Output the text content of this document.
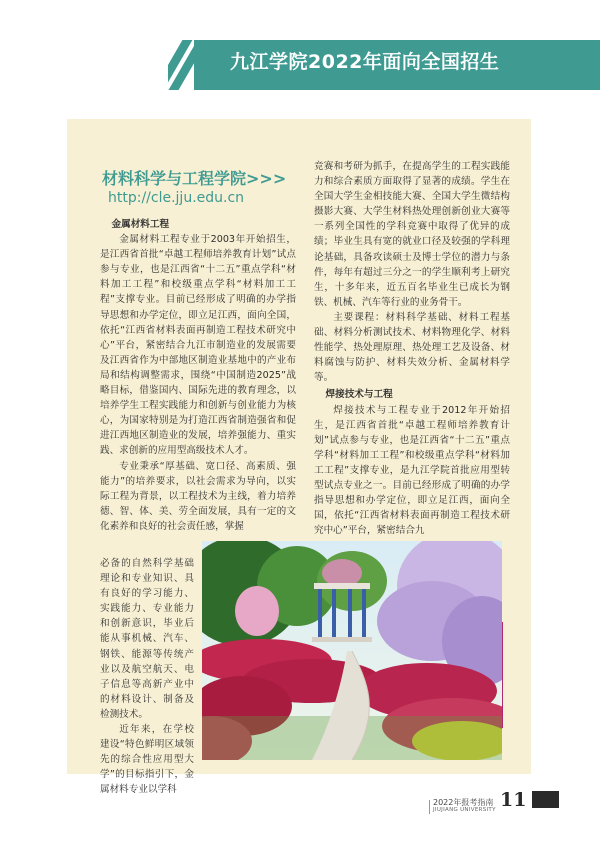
九江学院2022年面向全国招生
材料科学与工程学院>>>
http://cle.jju.edu.cn
金属材料工程

金属材料工程专业于2003年开始招生，是江西省首批“卓越工程师培养教育计划”试点参与专业，也是江西省“十二五”重点学科“材料加工工程”和校级重点学科“材料加工工程”支撑专业。目前已经形成了明确的办学指导思想和办学定位，即立足江西，面向全国，依托“江西省材料表面再制造工程技术研究中心”平台，紧密结合九江市制造业的发展需要及江西省作为中部地区制造业基地中的产业布局和结构调整需求，围绕“中国制造2025”战略目标，借鉴国内、国际先进的教育理念，以培养学生工程实践能力和创新与创业能力为核心，为国家特别是为打造江西省制造强省和促进江西地区制造业的发展，培养强能力、重实践、求创新的应用型高级技术人才。

专业秉承“厚基础、宽口径、高素质、强能力”的培养要求，以社会需求为导向，以实际工程为背景，以工程技术为主线，着力培养德、智、体、美、劳全面发展，具有一定的文化素养和良好的社会责任感，掌握

必备的自然科学基础理论和专业知识、具有良好的学习能力、实践能力、专业能力和创新意识，毕业后能从事机械、汽车、钢铁、能源等传统产业以及航空航天、电子信息等高新产业中的材料设计、制备及检测技术。

近年来，在学校建设“特色鲜明区域领先的综合性应用型大学”的目标指引下，金属材料专业以学科

竞赛和考研为抓手，在提高学生的工程实践能力和综合素质方面取得了显著的成绩。学生在全国大学生金相技能大赛、全国大学生微结构摄影大赛、大学生材料热处理创新创业大赛等一系列全国性的学科竞赛中取得了优异的成绩；毕业生具有宽的就业口径及较强的学科理论基础，具备攻读硕士及博士学位的潜力与条件，每年有超过三分之一的学生顺利考上研究生，十多年来，近五百名毕业生已成长为钢铁、机械、汽车等行业的业务骨干。

主要课程：材料科学基础、材料工程基础、材料分析测试技术、材料物理化学、材料性能学、热处理原理、热处理工艺及设备、材料腐蚀与防护、材料失效分析、金属材料学等。

焊接技术与工程

焊接技术与工程专业于2012年开始招生，是江西省首批“卓越工程师培养教育计划”试点参与专业，也是江西省“十二五”重点学科“材料加工工程”和校级重点学科“材料加工工程”支撑专业，是九江学院首批应用型转型试点专业之一。目前已经形成了明确的办学指导思想和办学定位，即立足江西，面向全国，依托“江西省材料表面再制造工程技术研究中心”平台，紧密结合九

2022年报考指南
JIUJIANG UNIVERSITY 11
